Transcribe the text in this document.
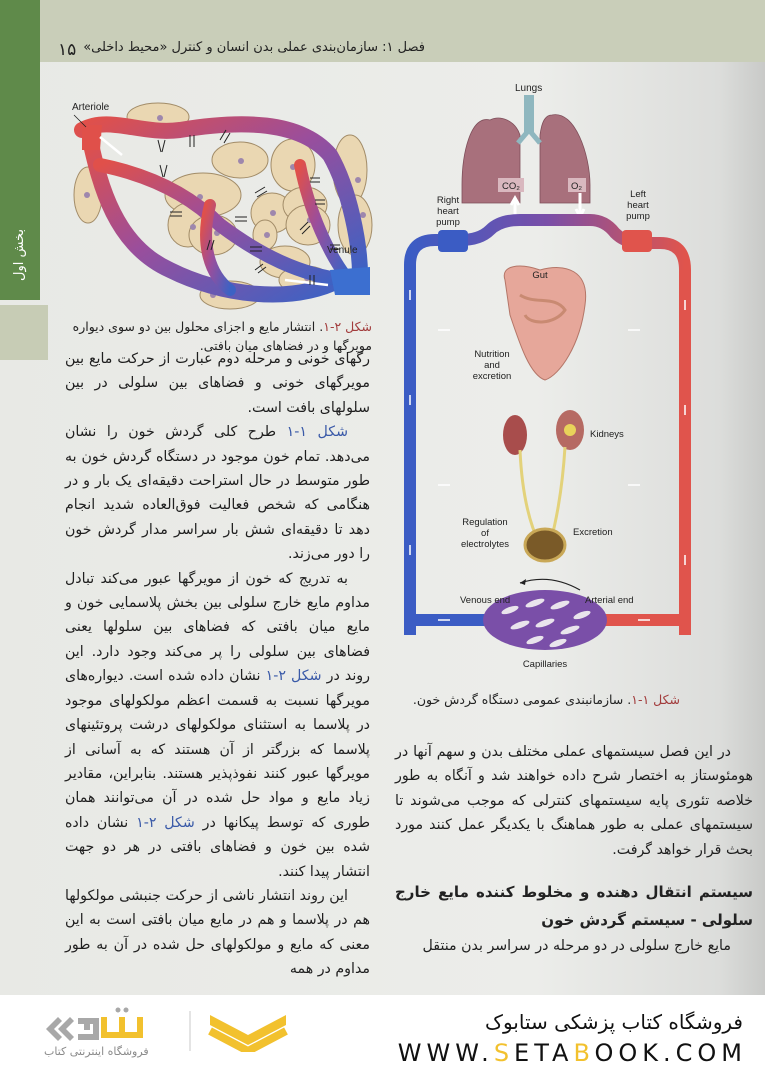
بخش اول
۱۵ فصل ۱: سازمان‌بندی عملی بدن انسان و کنترل «محیط داخلی»
Arteriole
Venule
شکل ۲-۱. انتشار مایع و اجزای محلول بین دو سوی دیواره مویرگها و در فضاهای میان بافتی.
Lungs
CO₂	O₂
Right
heart
pump
Left
heart
pump
Gut
Nutrition
and
excretion
Kidneys
Excretion
Regulation
of
electrolytes
Venous end	Arterial end
Capillaries
شکل ۱-۱. سازمانبندی عمومی دستگاه گردش خون.

رگهای خونی و مرحله دوم عبارت از حرکت مایع بین مویرگهای خونی و فضاهای بین سلولی در بین سلولهای بافت است.

شکل ۱-۱ طرح کلی گردش خون را نشان می‌دهد. تمام خون موجود در دستگاه گردش خون به طور متوسط در حال استراحت دقیقه‌ای یک بار و در هنگامی که شخص فعالیت فوق‌العاده شدید انجام دهد تا دقیقه‌ای شش بار سراسر مدار گردش خون را دور می‌زند.

به تدریج که خون از مویرگها عبور می‌کند تبادل مداوم مایع خارج سلولی بین بخش پلاسمایی خون و مایع میان بافتی که فضاهای بین سلولها یعنی فضاهای بین سلولی را پر می‌کند وجود دارد. این روند در شکل ۲-۱ نشان داده شده است. دیواره‌های مویرگها نسبت به قسمت اعظم مولکولهای موجود در پلاسما به استثنای مولکولهای درشت پروتئینهای پلاسما که بزرگتر از آن هستند که به آسانی از مویرگها عبور کنند نفوذپذیر هستند. بنابراین، مقادیر زیاد مایع و مواد حل شده در آن می‌توانند همان طوری که توسط پیکانها در شکل ۲-۱ نشان داده شده بین خون و فضاهای بافتی در هر دو جهت انتشار پیدا کنند.

این روند انتشار ناشی از حرکت جنبشی مولکولها هم در پلاسما و هم در مایع میان بافتی است به این معنی که مایع و مولکولهای حل شده در آن به طور مداوم در همه

در این فصل سیستمهای عملی مختلف بدن و سهم آنها در هومئوستاز به اختصار شرح داده خواهند شد و آنگاه به طور خلاصه تئوری پایه سیستمهای کنترلی که موجب می‌شوند تا سیستمهای عملی به طور هماهنگ با یکدیگر عمل کنند مورد بحث قرار خواهد گرفت.

سیستم انتقال دهنده و مخلوط کننده مایع خارج سلولی - سیستم گردش خون

مایع خارج سلولی در دو مرحله در سراسر بدن منتقل

فروشگاه اینترنتی کتاب
فروشگاه کتاب پزشکی ستابوک
WWW.SETABOOK.COM
